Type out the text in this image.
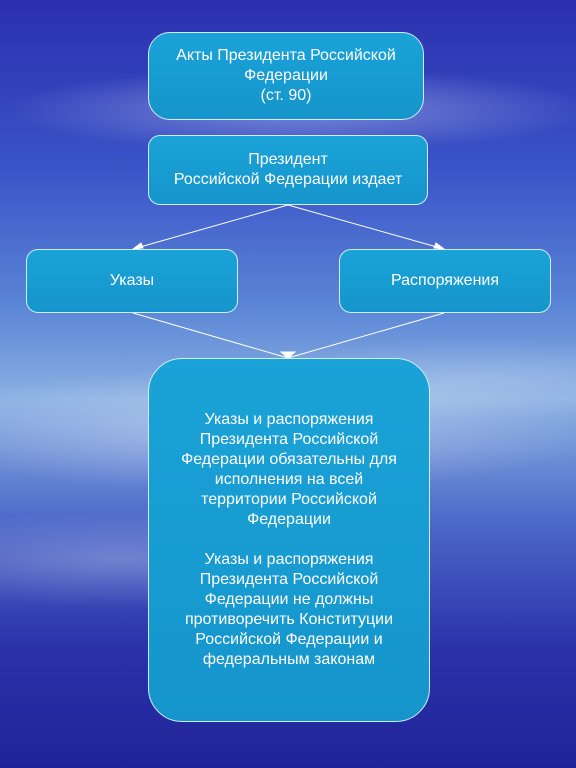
Акты Президента Российской
Федерации
(ст. 90)
Президент
Российской Федерации издает
Указы	Распоряжения
Указы и распоряжения
Президента Российской
Федерации обязательны для
исполнения на всей
территории Российской
Федерации
Указы и распоряжения
Президента Российской
Федерации не должны
противоречить Конституции
Российской Федерации и
федеральным законам
